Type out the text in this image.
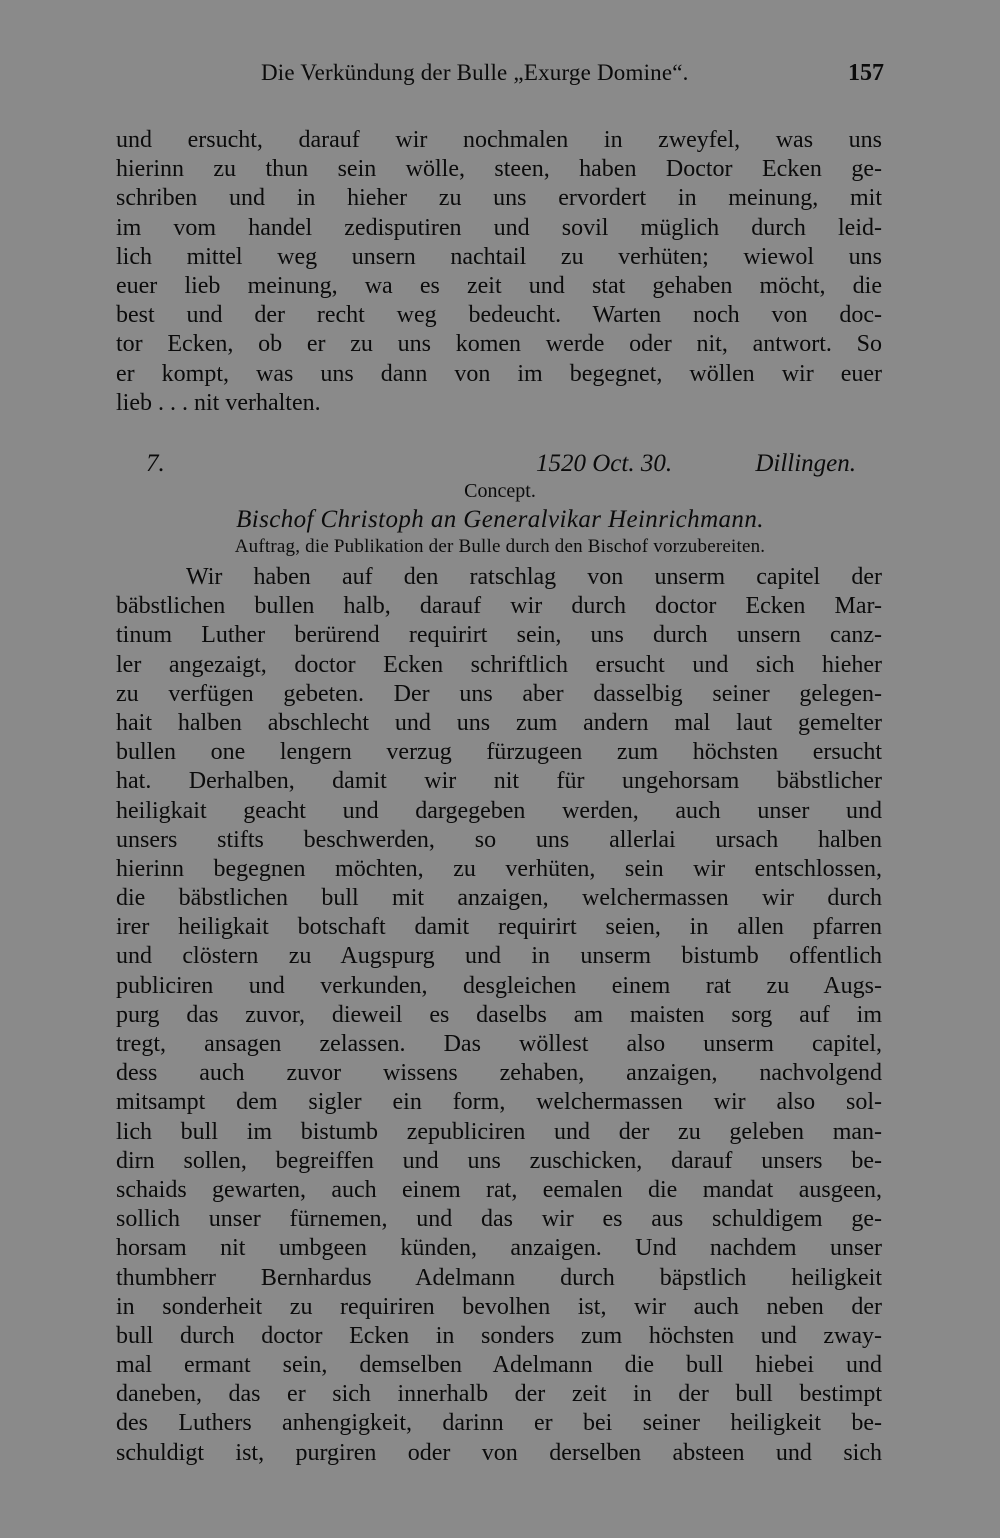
Die Verkündung der Bulle „Exurge Domine“.	157
und ersucht, darauf wir nochmalen in zweyfel, was uns
hierinn zu thun sein wölle, steen, haben Doctor Ecken ge-
schriben und in hieher zu uns ervordert in meinung, mit
im vom handel zedisputiren und sovil müglich durch leid-
lich mittel weg unsern nachtail zu verhüten; wiewol uns
euer lieb meinung, wa es zeit und stat gehaben möcht, die
best und der recht weg bedeucht. Warten noch von doc-
tor Ecken, ob er zu uns komen werde oder nit, antwort. So
er kompt, was uns dann von im begegnet, wöllen wir euer
lieb . . . nit verhalten.
7.	1520 Oct. 30.	Dillingen.
Concept.
Bischof Christoph an Generalvikar Heinrichmann.
Auftrag, die Publikation der Bulle durch den Bischof vorzubereiten.
Wir haben auf den ratschlag von unserm capitel der
bäbstlichen bullen halb, darauf wir durch doctor Ecken Mar-
tinum Luther berürend requirirt sein, uns durch unsern canz-
ler angezaigt, doctor Ecken schriftlich ersucht und sich hieher
zu verfügen gebeten. Der uns aber dasselbig seiner gelegen-
hait halben abschlecht und uns zum andern mal laut gemelter
bullen one lengern verzug fürzugeen zum höchsten ersucht
hat. Derhalben, damit wir nit für ungehorsam bäbstlicher
heiligkait geacht und dargegeben werden, auch unser und
unsers stifts beschwerden, so uns allerlai ursach halben
hierinn begegnen möchten, zu verhüten, sein wir entschlossen,
die bäbstlichen bull mit anzaigen, welchermassen wir durch
irer heiligkait botschaft damit requirirt seien, in allen pfarren
und clöstern zu Augspurg und in unserm bistumb offentlich
publiciren und verkunden, desgleichen einem rat zu Augs-
purg das zuvor, dieweil es daselbs am maisten sorg auf im
tregt, ansagen zelassen. Das wöllest also unserm capitel,
dess auch zuvor wissens zehaben, anzaigen, nachvolgend
mitsampt dem sigler ein form, welchermassen wir also sol-
lich bull im bistumb zepubliciren und der zu geleben man-
dirn sollen, begreiffen und uns zuschicken, darauf unsers be-
schaids gewarten, auch einem rat, eemalen die mandat ausgeen,
sollich unser fürnemen, und das wir es aus schuldigem ge-
horsam nit umbgeen künden, anzaigen. Und nachdem unser
thumbherr Bernhardus Adelmann durch bäpstlich heiligkeit
in sonderheit zu requiriren bevolhen ist, wir auch neben der
bull durch doctor Ecken in sonders zum höchsten und zway-
mal ermant sein, demselben Adelmann die bull hiebei und
daneben, das er sich innerhalb der zeit in der bull bestimpt
des Luthers anhengigkeit, darinn er bei seiner heiligkeit be-
schuldigt ist, purgiren oder von derselben absteen und sich
